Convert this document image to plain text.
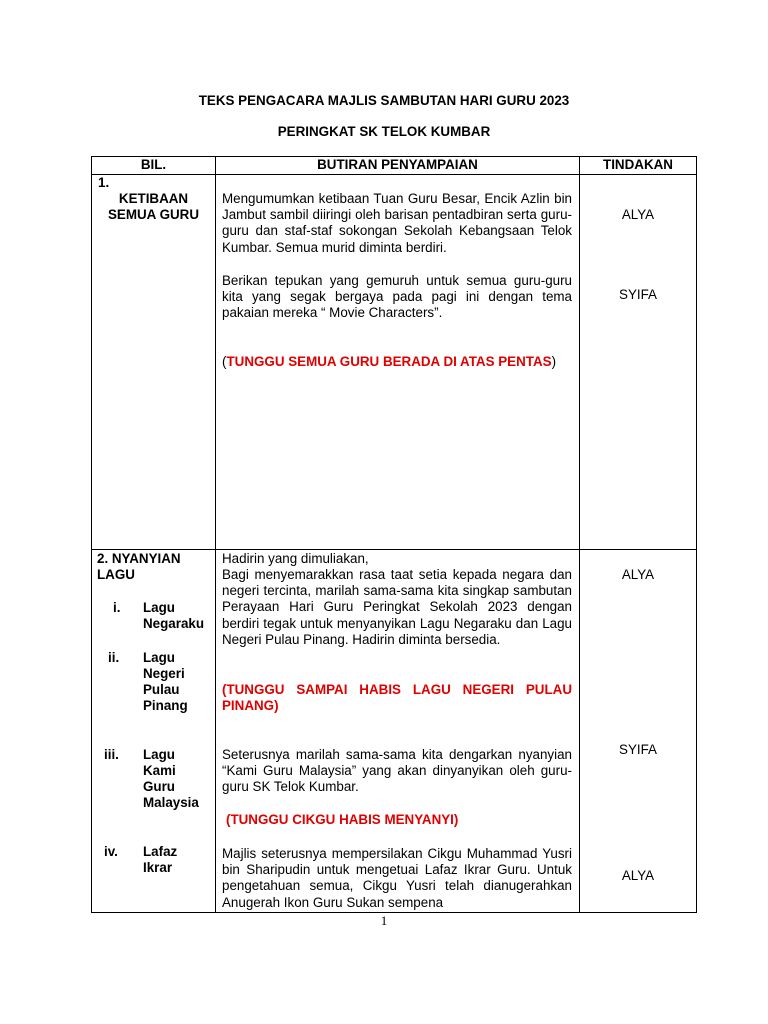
TEKS PENGACARA MAJLIS SAMBUTAN HARI GURU 2023
PERINGKAT SK TELOK KUMBAR
BIL.	BUTIRAN PENYAMPAIAN	TINDAKAN
1.
KETIBAAN
SEMUA GURU
Mengumumkan ketibaan Tuan Guru Besar, Encik Azlin bin Jambut sambil diiringi oleh barisan pentadbiran serta guru-guru dan staf-staf sokongan Sekolah Kebangsaan Telok Kumbar. Semua murid diminta berdiri.
Berikan tepukan yang gemuruh untuk semua guru-guru kita yang segak bergaya pada pagi ini dengan tema pakaian mereka “ Movie Characters”.
(TUNGGU SEMUA GURU BERADA DI ATAS PENTAS)
ALYA
SYIFA
2. NYANYIAN
LAGU
i. Lagu
Negaraku
ii. Lagu
Negeri
Pulau
Pinang
iii. Lagu
Kami
Guru
Malaysia
iv. Lafaz
Ikrar
Hadirin yang dimuliakan,
Bagi menyemarakkan rasa taat setia kepada negara dan negeri tercinta, marilah sama-sama kita singkap sambutan Perayaan Hari Guru Peringkat Sekolah 2023 dengan berdiri tegak untuk menyanyikan Lagu Negaraku dan Lagu Negeri Pulau Pinang. Hadirin diminta bersedia.
(TUNGGU SAMPAI HABIS LAGU NEGERI PULAU PINANG)
Seterusnya marilah sama-sama kita dengarkan nyanyian “Kami Guru Malaysia” yang akan dinyanyikan oleh guru-guru SK Telok Kumbar.
(TUNGGU CIKGU HABIS MENYANYI)
Majlis seterusnya mempersilakan Cikgu Muhammad Yusri bin Sharipudin untuk mengetuai Lafaz Ikrar Guru. Untuk pengetahuan semua, Cikgu Yusri telah dianugerahkan Anugerah Ikon Guru Sukan sempena
ALYA
SYIFA
ALYA
1
